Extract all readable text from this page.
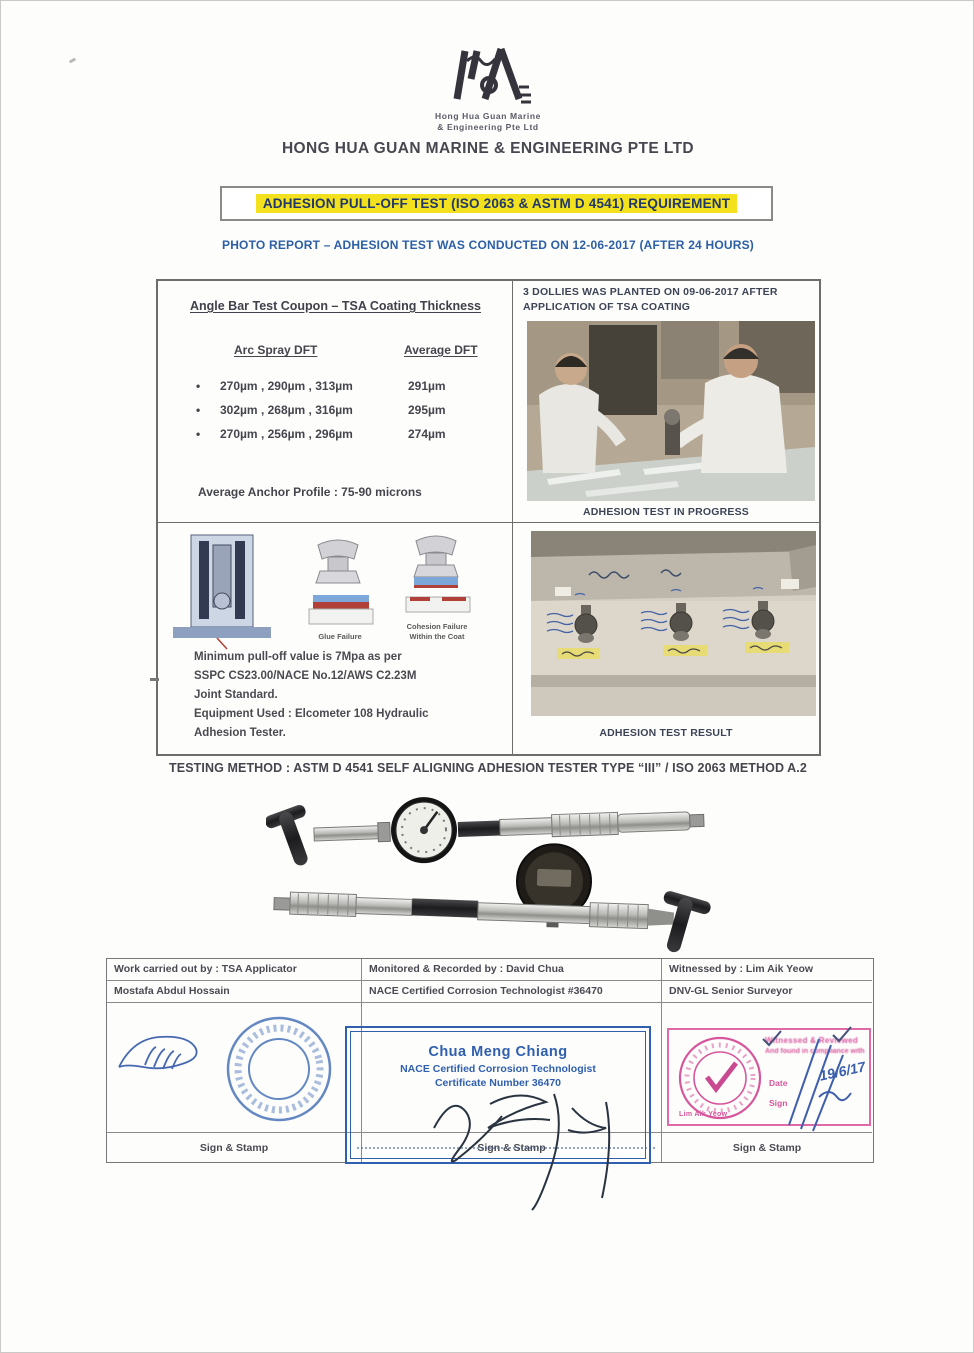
Hong Hua Guan Marine
& Engineering Pte Ltd
HONG HUA GUAN MARINE & ENGINEERING PTE LTD
ADHESION PULL-OFF TEST (ISO 2063 & ASTM D 4541) REQUIREMENT
PHOTO REPORT – ADHESION TEST WAS CONDUCTED ON 12-06-2017 (AFTER 24 HOURS)
Angle Bar Test Coupon – TSA Coating Thickness
Arc Spray DFT	Average DFT
• 270µm , 290µm , 313µm	291µm
• 302µm , 268µm , 316µm	295µm
• 270µm , 256µm , 296µm	274µm
Average Anchor Profile : 75-90 microns
3 DOLLIES WAS PLANTED ON 09-06-2017 AFTER
APPLICATION OF TSA COATING
ADHESION TEST IN PROGRESS
Glue Failure
Cohesion Failure
Within the Coat
Minimum pull-off value is 7Mpa as per
SSPC CS23.00/NACE No.12/AWS C2.23M
Joint Standard.
Equipment Used : Elcometer 108 Hydraulic
Adhesion Tester.	ADHESION TEST RESULT
TESTING METHOD : ASTM D 4541 SELF ALIGNING ADHESION TESTER TYPE “III” / ISO 2063 METHOD A.2
Work carried out by : TSA Applicator	Monitored & Recorded by : David Chua	Witnessed by : Lim Aik Yeow
Mostafa Abdul Hossain	NACE Certified Corrosion Technologist #36470	DNV-GL Senior Surveyor
Sign & Stamp	Sign & Stamp	Sign & Stamp
Chua Meng Chiang
NACE Certified Corrosion Technologist
Certificate Number 36470
Witnessed & Reviewed
And found in compliance with
Date
Sign
Lim Aik Yeow
19/6/17
